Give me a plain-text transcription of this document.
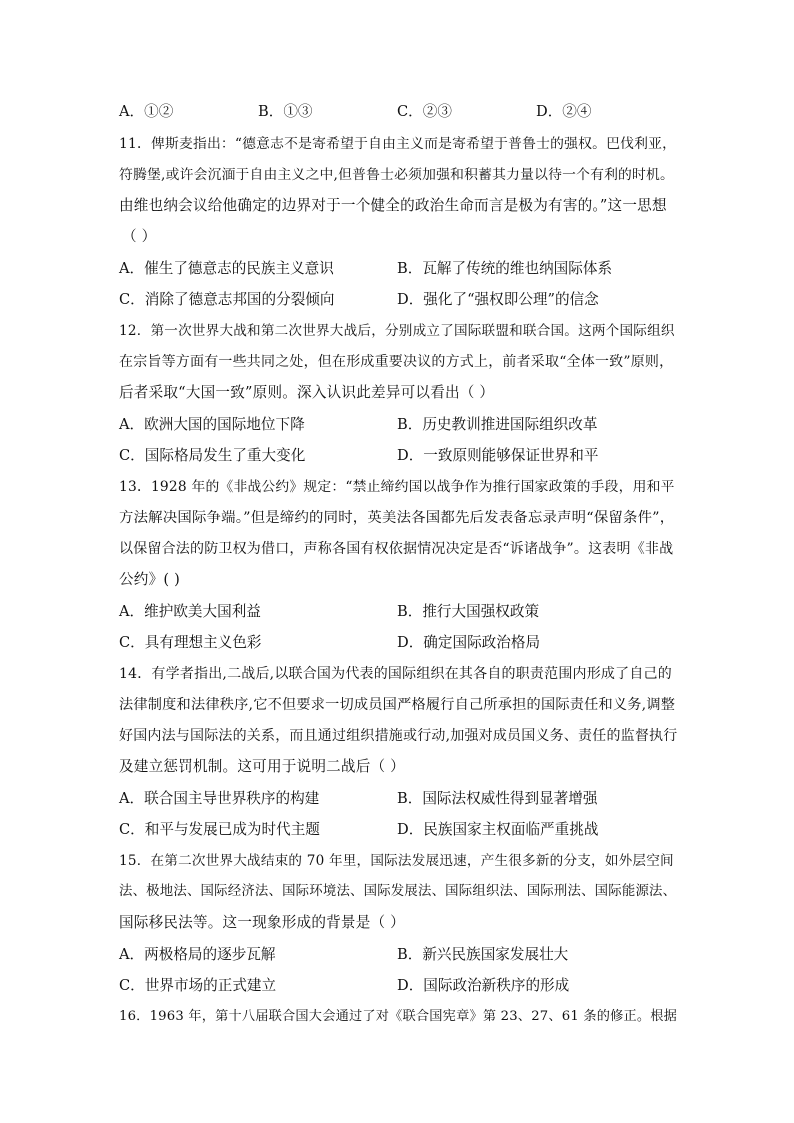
A．①②	B．①③	C．②③	D．②④
11．俾斯麦指出：“德意志不是寄希望于自由主义而是寄希望于普鲁士的强权。巴伐利亚，
符腾堡,或许会沉湎于自由主义之中,但普鲁士必须加强和积蓄其力量以待一个有利的时机。
由维也纳会议给他确定的边界对于一个健全的政治生命而言是极为有害的。”这一思想
（ ）
A．催生了德意志的民族主义意识	B．瓦解了传统的维也纳国际体系
C．消除了德意志邦国的分裂倾向	D．强化了“强权即公理”的信念
12．第一次世界大战和第二次世界大战后，分别成立了国际联盟和联合国。这两个国际组织
在宗旨等方面有一些共同之处，但在形成重要决议的方式上，前者采取“全体一致”原则，
后者采取“大国一致”原则。深入认识此差异可以看出（ ）
A．欧洲大国的国际地位下降	B．历史教训推进国际组织改革
C．国际格局发生了重大变化	D．一致原则能够保证世界和平
13．1928 年的《非战公约》规定：“禁止缔约国以战争作为推行国家政策的手段，用和平
方法解决国际争端。”但是缔约的同时，英美法各国都先后发表备忘录声明“保留条件”，
以保留合法的防卫权为借口，声称各国有权依据情况决定是否“诉诸战争”。这表明《非战
公约》( )
A．维护欧美大国利益	B．推行大国强权政策
C．具有理想主义色彩	D．确定国际政治格局
14．有学者指出,二战后,以联合国为代表的国际组织在其各自的职责范围内形成了自己的
法律制度和法律秩序,它不但要求一切成员国严格履行自己所承担的国际责任和义务,调整
好国内法与国际法的关系，而且通过组织措施或行动,加强对成员国义务、责任的监督执行
及建立惩罚机制。这可用于说明二战后（ ）
A．联合国主导世界秩序的构建	B．国际法权威性得到显著增强
C．和平与发展已成为时代主题	D．民族国家主权面临严重挑战
15．在第二次世界大战结束的 70 年里，国际法发展迅速，产生很多新的分支，如外层空间
法、极地法、国际经济法、国际环境法、国际发展法、国际组织法、国际刑法、国际能源法、
国际移民法等。这一现象形成的背景是（ ）
A．两极格局的逐步瓦解	B．新兴民族国家发展壮大
C．世界市场的正式建立	D．国际政治新秩序的形成
16．1963 年，第十八届联合国大会通过了对《联合国宪章》第 23、27、61 条的修正。根据
